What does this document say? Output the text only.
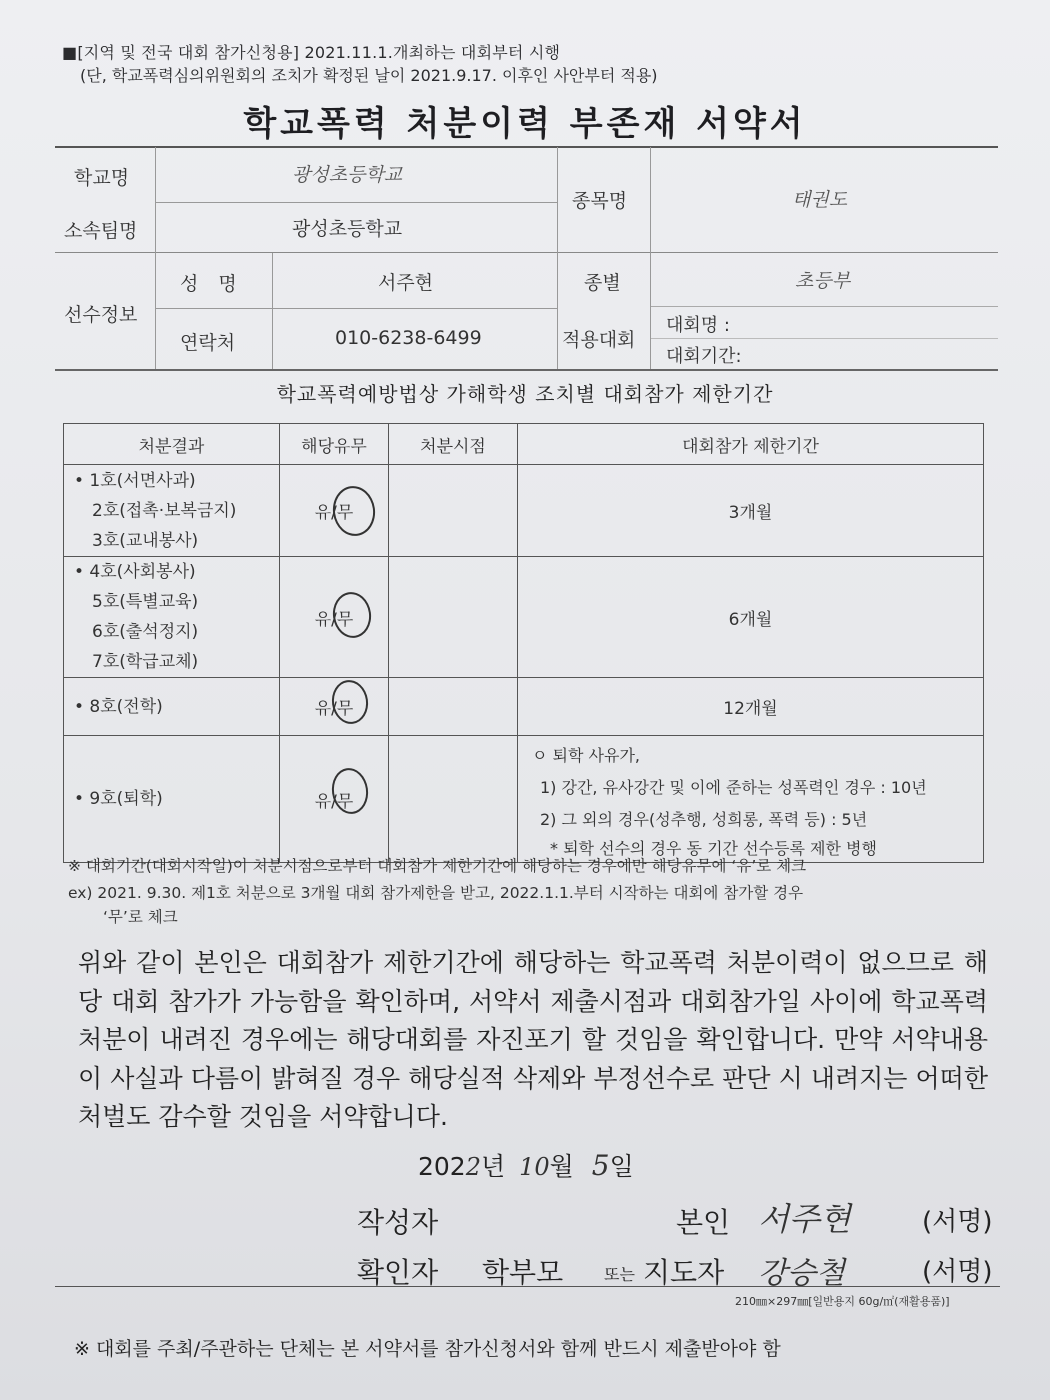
■[지역 및 전국 대회 참가신청용] 2021.11.1.개최하는 대회부터 시행
(단, 학교폭력심의위원회의 조치가 확정된 날이 2021.9.17. 이후인 사안부터 적용)
학교폭력 처분이력 부존재 서약서
학교명	광성초등학교
소속팀명	광성초등학교
종목명	태권도
선수정보
성 명	서주현	종별	초등부
연락처	010-6238-6499	적용대회
대회명 :
대회기간:
학교폭력예방법상 가해학생 조치별 대회참가 제한기간
처분결과	해당유무	처분시점	대회참가 제한기간

• 1호(서면사과)
2호(접촉·보복금지)
3호(교내봉사)	유/무		3개월

• 4호(사회봉사)
5호(특별교육)
6호(출석정지)
7호(학급교체)	유/무		6개월

• 8호(전학)	유/무		12개월

• 9호(퇴학)	유/무		ㅇ 퇴학 사유가,
1) 강간, 유사강간 및 이에 준하는 성폭력인 경우 : 10년
2) 그 외의 경우(성추행, 성희롱, 폭력 등) : 5년
* 퇴학 선수의 경우 동 기간 선수등록 제한 병행
※ 대회기간(대회시작일)이 처분시점으로부터 대회참가 제한기간에 해당하는 경우에만 해당유무에 ‘유’로 체크
ex) 2021. 9.30. 제1호 처분으로 3개월 대회 참가제한을 받고, 2022.1.1.부터 시작하는 대회에 참가할 경우
‘무’로 체크
위와 같이 본인은 대회참가 제한기간에 해당하는 학교폭력 처분이력이 없으므로 해당 대회 참가가 가능함을 확인하며, 서약서 제출시점과 대회참가일 사이에 학교폭력 처분이 내려진 경우에는 해당대회를 자진포기 할 것임을 확인합니다. 만약 서약내용이 사실과 다름이 밝혀질 경우 해당실적 삭제와 부정선수로 판단 시 내려지는 어떠한 처벌도 감수할 것임을 서약합니다.
2022년 10월 5일
작성자	본인 서주현	(서명)
확인자 학부모	또는 지도자 강승철	(서명)
210㎜×297㎜[일반용지 60g/㎡(재활용품)]
※ 대회를 주최/주관하는 단체는 본 서약서를 참가신청서와 함께 반드시 제출받아야 함
